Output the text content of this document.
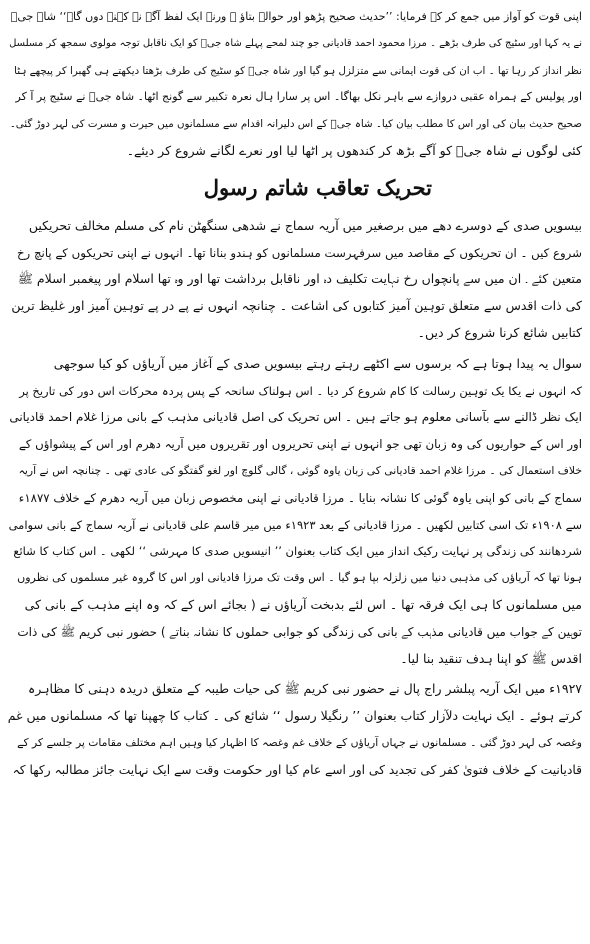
اپنی قوت کو آواز میں جمع کر کے فرمایا: ’’حدیث صحیح پڑھو اور حوالہ بتاؤ ۔ ورنہ ایک لفظ آگے نہ کہنے دوں گا۔‘‘ شاہ جیؒ

نے یہ کہا اور سٹیج کی طرف بڑھے ۔ مرزا محمود احمد قادیانی جو چند لمحے پہلے شاہ جیؒ کو ایک ناقابل توجہ مولوی سمجھ کر مسلسل

نظر انداز کر رہا تھا ۔ اب ان کی قوت ایمانی سے متزلزل ہو گیا اور شاہ جیؒ کو سٹیج کی طرف بڑھتا دیکھتے ہی گھبرا کر پیچھے ہٹا

اور پولیس کے ہمراہ عقبی دروازے سے باہر نکل بھاگا۔ اس پر سارا ہال نعرہ تکبیر سے گونج اٹھا۔ شاہ جیؒ نے سٹیج پر آ کر

صحیح حدیث بیان کی اور اس کا مطلب بیان کیا۔ شاہ جیؒ کے اس دلیرانہ اقدام سے مسلمانوں میں حیرت و مسرت کی لہر دوڑ گئی۔

کئی لوگوں نے شاہ جیؒ کو آگے بڑھ کر کندھوں پر اٹھا لیا اور نعرے لگانے شروع کر دیئے۔

تحریک تعاقب شاتم رسول

بیسویں صدی کے دوسرے دھے میں برصغیر میں آریہ سماج نے شدھی سنگھٹن نام کی مسلم مخالف تحریکیں

شروع کیں ۔ ان تحریکوں کے مقاصد میں سرفہرست مسلمانوں کو ہندو بنانا تھا۔ انہوں نے اپنی تحریکوں کے پانچ رخ

متعین کئے ۔ ان میں سے پانچواں رخ نہایت تکلیف دہ اور ناقابل برداشت تھا اور وہ تھا اسلام اور پیغمبر اسلام ﷺ

کی ذات اقدس سے متعلق توہین آمیز کتابوں کی اشاعت ۔ چنانچہ انہوں نے پے در پے توہین آمیز اور غلیظ ترین

کتابیں شائع کرنا شروع کر دیں۔

سوال یہ پیدا ہوتا ہے کہ برسوں سے اکٹھے رہتے رہتے بیسویں صدی کے آغاز میں آریاؤں کو کیا سوجھی

کہ انہوں نے یکا یک توہین رسالت کا کام شروع کر دیا ۔ اس ہولناک سانحہ کے پس پردہ محرکات اس دور کی تاریخ پر

ایک نظر ڈالنے سے بآسانی معلوم ہو جاتے ہیں ۔ اس تحریک کی اصل قادیانی مذہب کے بانی مرزا غلام احمد قادیانی

اور اس کے حواریوں کی وہ زبان تھی جو انہوں نے اپنی تحریروں اور تقریروں میں آریہ دھرم اور اس کے پیشواؤں کے

خلاف استعمال کی ۔ مرزا غلام احمد قادیانی کی زبان یاوہ گوئی ، گالی گلوچ اور لغو گفتگو کی عادی تھی ۔ چنانچہ اس نے آریہ

سماج کے بانی کو اپنی یاوہ گوئی کا نشانہ بنایا ۔ مرزا قادیانی نے اپنی مخصوص زبان میں آریہ دھرم کے خلاف ۱۸۷۷ء

سے ۱۹۰۸ء تک اسی کتابیں لکھیں ۔ مرزا قادیانی کے بعد ۱۹۲۳ء میں میر قاسم علی قادیانی نے آریہ سماج کے بانی سوامی

شردھانند کی زندگی پر نہایت رکیک انداز میں ایک کتاب بعنوان ’’ انیسویں صدی کا مہرشی ‘‘ لکھی ۔ اس کتاب کا شائع

ہونا تھا کہ آریاؤں کی مذہبی دنیا میں زلزلہ بپا ہو گیا ۔ اس وقت تک مرزا قادیانی اور اس کا گروہ غیر مسلموں کی نظروں

میں مسلمانوں کا ہی ایک فرقہ تھا ۔ اس لئے بدبخت آریاؤں نے ( بجائے اس کے کہ وہ اپنے مذہب کے بانی کی

توہین کے جواب میں قادیانی مذہب کے بانی کی زندگی کو جوابی حملوں کا نشانہ بناتے ) حضور نبی کریم ﷺ کی ذات

اقدس ﷺ کو اپنا ہدف تنقید بنا لیا۔

۱۹۲۷ء میں ایک آریہ پبلشر راج پال نے حضور نبی کریم ﷺ کی حیات طیبہ کے متعلق دریدہ دہنی کا مظاہرہ

کرتے ہوئے ۔ ایک نہایت دلآزار کتاب بعنوان ’’ رنگیلا رسول ‘‘ شائع کی ۔ کتاب کا چھپنا تھا کہ مسلمانوں میں غم

وغصہ کی لہر دوڑ گئی ۔ مسلمانوں نے جہاں آریاؤں کے خلاف غم وغصہ کا اظہار کیا وہیں اہم مختلف مقامات پر جلسے کر کے

قادیانیت کے خلاف فتویٰ کفر کی تجدید کی اور اسے عام کیا اور حکومت وقت سے ایک نہایت جائز مطالبہ رکھا کہ
